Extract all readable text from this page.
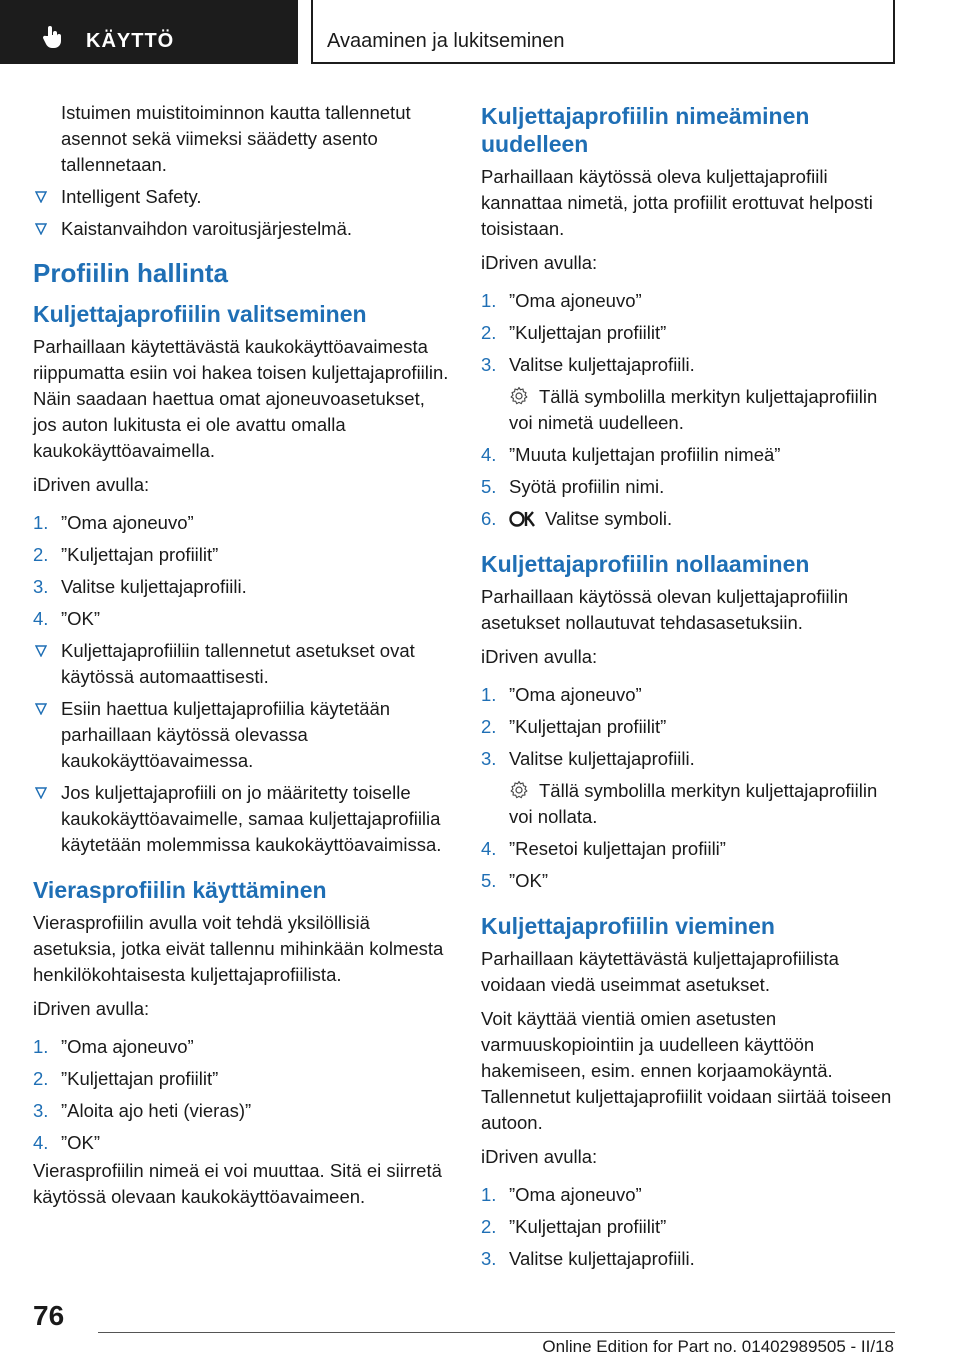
KÄYTTÖ	Avaaminen ja lukitseminen
Istuimen muistitoiminnon kautta tallennetut asennot sekä viimeksi säädetty asento tallennetaan.
Intelligent Safety.
Kaistanvaihdon varoitusjärjestelmä.
Profiilin hallinta
Kuljettajaprofiilin valitseminen

Parhaillaan käytettävästä kaukokäyttöavaimesta riippumatta esiin voi hakea toisen kuljettajaprofiilin. Näin saadaan haettua omat ajoneuvoasetukset, jos auton lukitusta ei ole avattu omalla kaukokäyttöavaimella.

iDriven avulla:

1. ”Oma ajoneuvo”
2. ”Kuljettajan profiilit”
3. Valitse kuljettajaprofiili.
4. ”OK”
Kuljettajaprofiiliin tallennetut asetukset ovat käytössä automaattisesti.
Esiin haettua kuljettajaprofiilia käytetään parhaillaan käytössä olevassa kaukokäyttöavaimessa.
Jos kuljettajaprofiili on jo määritetty toiselle kaukokäyttöavaimelle, samaa kuljettajaprofiilia käytetään molemmissa kaukokäyttöavaimissa.
Vierasprofiilin käyttäminen

Vierasprofiilin avulla voit tehdä yksilöllisiä asetuksia, jotka eivät tallennu mihinkään kolmesta henkilökohtaisesta kuljettajaprofiilista.

iDriven avulla:

1. ”Oma ajoneuvo”
2. ”Kuljettajan profiilit”
3. ”Aloita ajo heti (vieras)”
4. ”OK”

Vierasprofiilin nimeä ei voi muuttaa. Sitä ei siirretä käytössä olevaan kaukokäyttöavaimeen.

Kuljettajaprofiilin nimeäminen uudelleen

Parhaillaan käytössä oleva kuljettajaprofiili kannattaa nimetä, jotta profiilit erottuvat helposti toisistaan.

iDriven avulla:

1. ”Oma ajoneuvo”
2. ”Kuljettajan profiilit”
3. Valitse kuljettajaprofiili.
Tällä symbolilla merkityn kuljettajaprofiilin voi nimetä uudelleen.
4. ”Muuta kuljettajan profiilin nimeä”
5. Syötä profiilin nimi.
6.	Valitse symboli.
Kuljettajaprofiilin nollaaminen

Parhaillaan käytössä olevan kuljettajaprofiilin asetukset nollautuvat tehdasasetuksiin.

iDriven avulla:

1. ”Oma ajoneuvo”
2. ”Kuljettajan profiilit”
3. Valitse kuljettajaprofiili.
Tällä symbolilla merkityn kuljettajaprofiilin voi nollata.
4. ”Resetoi kuljettajan profiili”
5. ”OK”
Kuljettajaprofiilin vieminen

Parhaillaan käytettävästä kuljettajaprofiilista voidaan viedä useimmat asetukset.

Voit käyttää vientiä omien asetusten varmuuskopiointiin ja uudelleen käyttöön hakemiseen, esim. ennen korjaamokäyntä. Tallennetut kuljettajaprofiilit voidaan siirtää toiseen autoon.

iDriven avulla:

1. ”Oma ajoneuvo”
2. ”Kuljettajan profiilit”
3. Valitse kuljettajaprofiili.
76
Online Edition for Part no. 01402989505 - II/18
